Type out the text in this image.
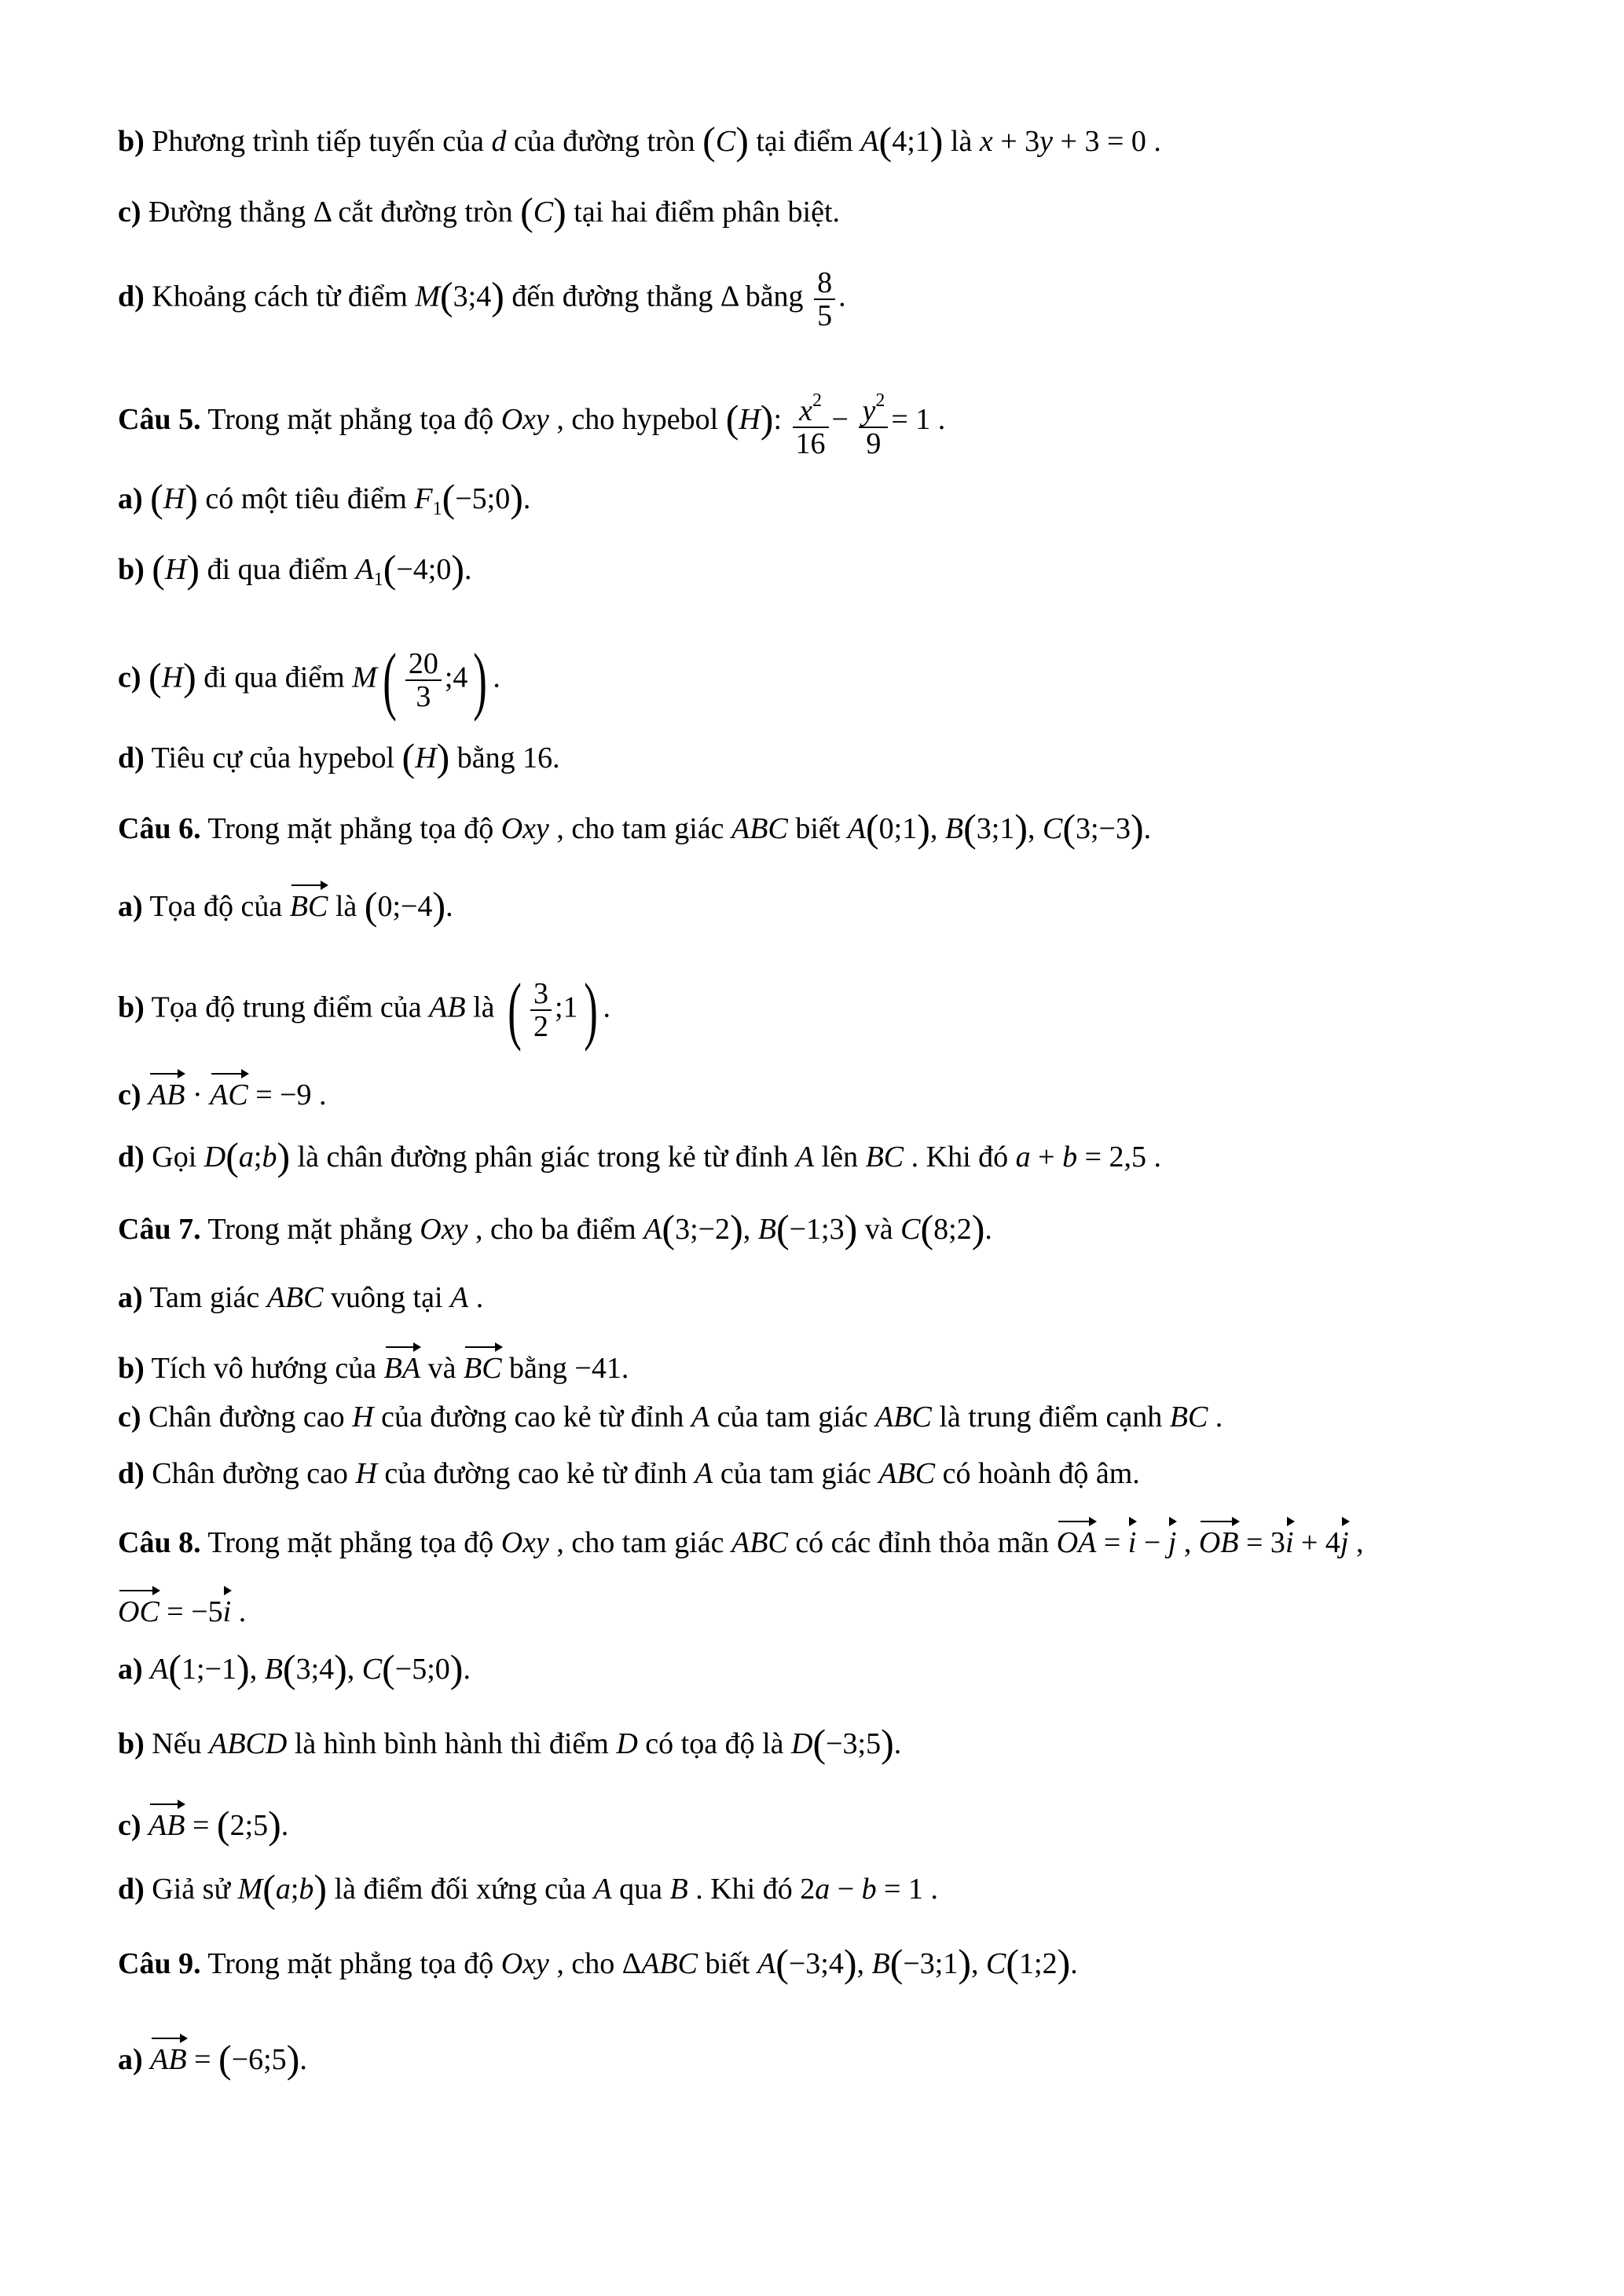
b) Phương trình tiếp tuyến của d của đường tròn (C) tại điểm A(4;1) là x + 3y + 3 = 0 .
c) Đường thẳng Δ cắt đường tròn (C) tại hai điểm phân biệt.
d) Khoảng cách từ điểm M(3;4) đến đường thẳng Δ bằng $\frac{8}{5}$ .
Câu 5. Trong mặt phẳng tọa độ Oxy , cho hypebol (H): $\frac{x^2}{16} - \frac{y^2}{9} = 1$ .
a) (H) có một tiêu điểm $F_1(-5;0)$.
b) (H) đi qua điểm $A_1(-4;0)$.
c) (H) đi qua điểm $M( \frac{20}{3}$ ;4) .
d) Tiêu cự của hypebol (H) bằng 16.
Câu 6. Trong mặt phẳng tọa độ Oxy , cho tam giác ABC biết A(0;1), B(3;1), C(3;−3).
a) Tọa độ của BC là (0;−4).
b) Tọa độ trung điểm của AB là ( $\frac{3}{2}$ ;1) .
c) AB · AC = −9 .
d) Gọi D(a;b) là chân đường phân giác trong kẻ từ đỉnh A lên BC . Khi đó a + b = 2,5 .
Câu 7. Trong mặt phẳng Oxy , cho ba điểm A(3;−2), B(−1;3) và C(8;2).
a) Tam giác ABC vuông tại A .
b) Tích vô hướng của BA và BC bằng −41.
c) Chân đường cao H của đường cao kẻ từ đỉnh A của tam giác ABC là trung điểm cạnh BC .
d) Chân đường cao H của đường cao kẻ từ đỉnh A của tam giác ABC có hoành độ âm.
Câu 8. Trong mặt phẳng tọa độ Oxy , cho tam giác ABC có các đỉnh thỏa mãn OA = i − j , OB = 3i + 4j ,
OC = −5i .
a) A(1;−1), B(3;4), C(−5;0).
b) Nếu ABCD là hình bình hành thì điểm D có tọa độ là D(−3;5).
c) AB = (2;5).
d) Giả sử M(a;b) là điểm đối xứng của A qua B . Khi đó 2a − b = 1 .
Câu 9. Trong mặt phẳng tọa độ Oxy , cho ΔABC biết A(−3;4), B(−3;1), C(1;2).
a) AB = (−6;5).
